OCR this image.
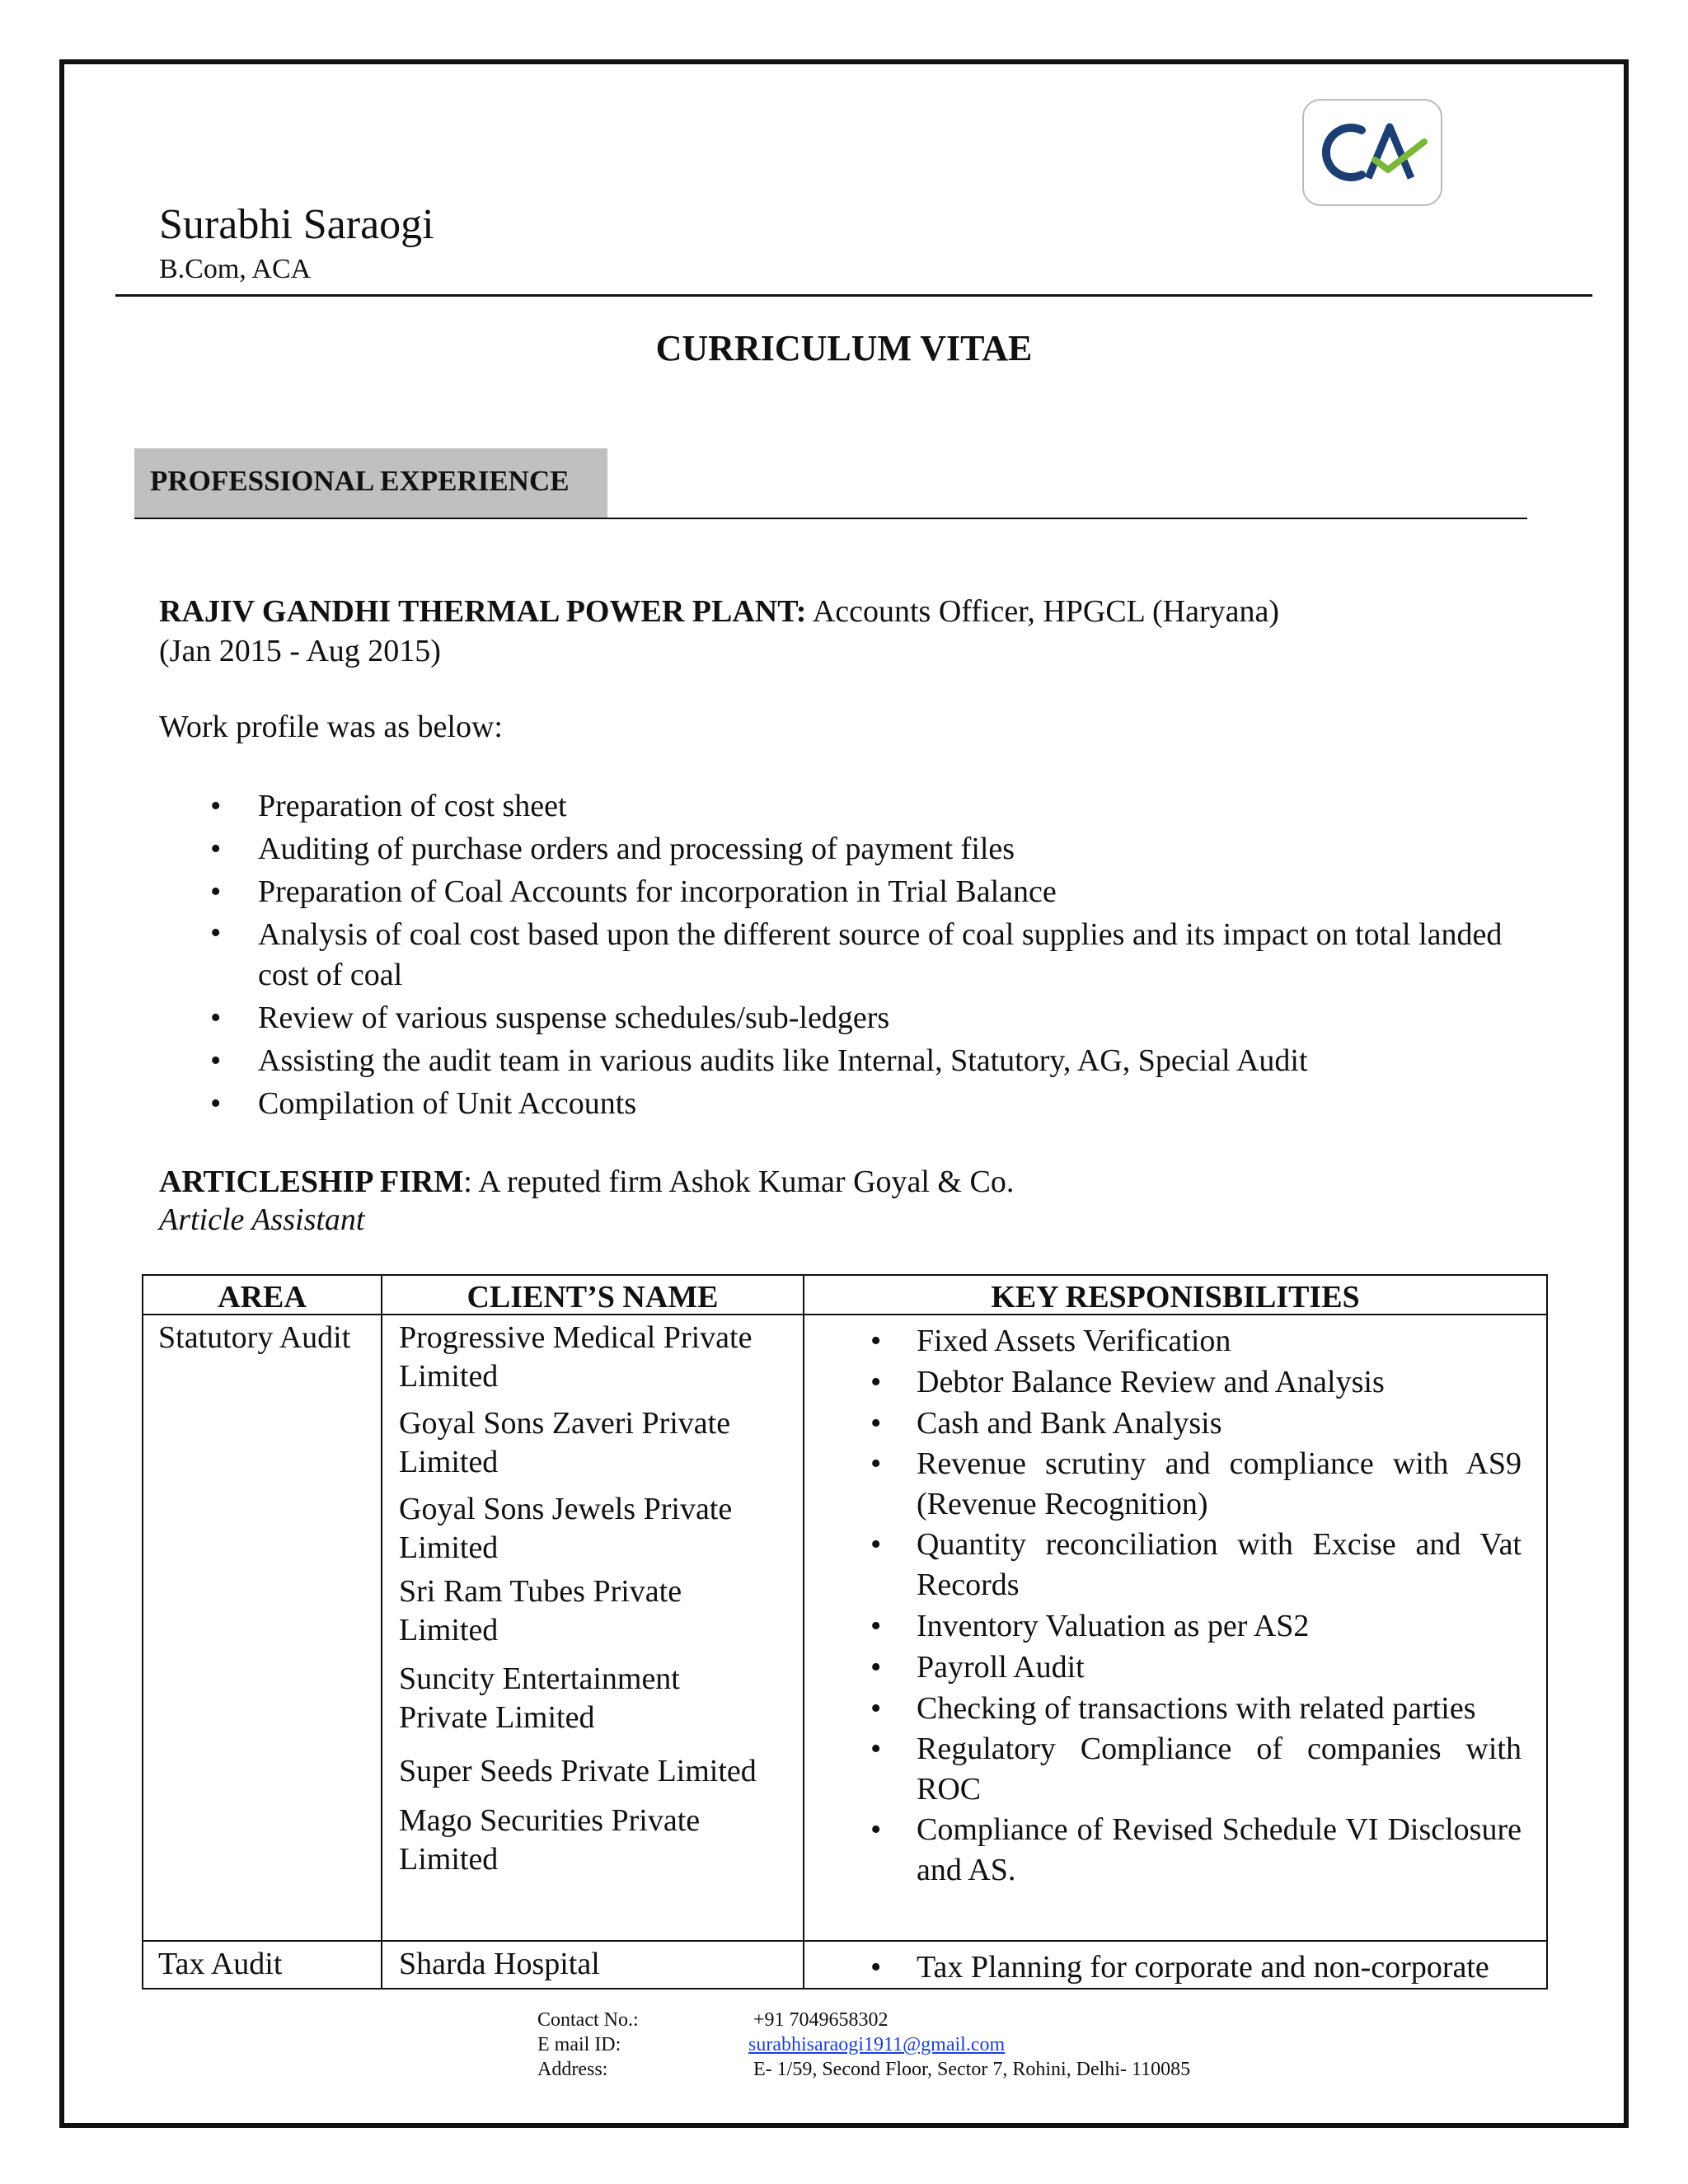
Surabhi Saraogi
B.Com, ACA
CURRICULUM VITAE
PROFESSIONAL EXPERIENCE
RAJIV GANDHI THERMAL POWER PLANT: Accounts Officer, HPGCL (Haryana)
(Jan 2015 - Aug 2015)
Work profile was as below:
• Preparation of cost sheet
• Auditing of purchase orders and processing of payment files
• Preparation of Coal Accounts for incorporation in Trial Balance
• Analysis of coal cost based upon the different source of coal supplies and its impact on total landed cost of coal
• Review of various suspense schedules/sub-ledgers
• Assisting the audit team in various audits like Internal, Statutory, AG, Special Audit
• Compilation of Unit Accounts
ARTICLESHIP FIRM: A reputed firm Ashok Kumar Goyal & Co.
Article Assistant
AREA	CLIENT’S NAME	KEY RESPONISBILITIES
Statutory Audit Progressive Medical Private Limited
Goyal Sons Zaveri Private Limited
Goyal Sons Jewels Private Limited
Sri Ram Tubes Private Limited
Suncity Entertainment Private Limited
Super Seeds Private Limited
Mago Securities Private Limited
• Fixed Assets Verification
• Debtor Balance Review and Analysis
• Cash and Bank Analysis
• Revenue scrutiny and compliance with AS9 (Revenue Recognition)
• Quantity reconciliation with Excise and Vat Records
• Inventory Valuation as per AS2
• Payroll Audit
• Checking of transactions with related parties
• Regulatory Compliance of companies with ROC
• Compliance of Revised Schedule VI Disclosure and AS.
Tax Audit	Sharda Hospital
•	Tax Planning for corporate and non-corporate
Contact No.:	+91 7049658302
E mail ID:	surabhisaraogi1911@gmail.com
Address:	E- 1/59, Second Floor, Sector 7, Rohini, Delhi- 110085
